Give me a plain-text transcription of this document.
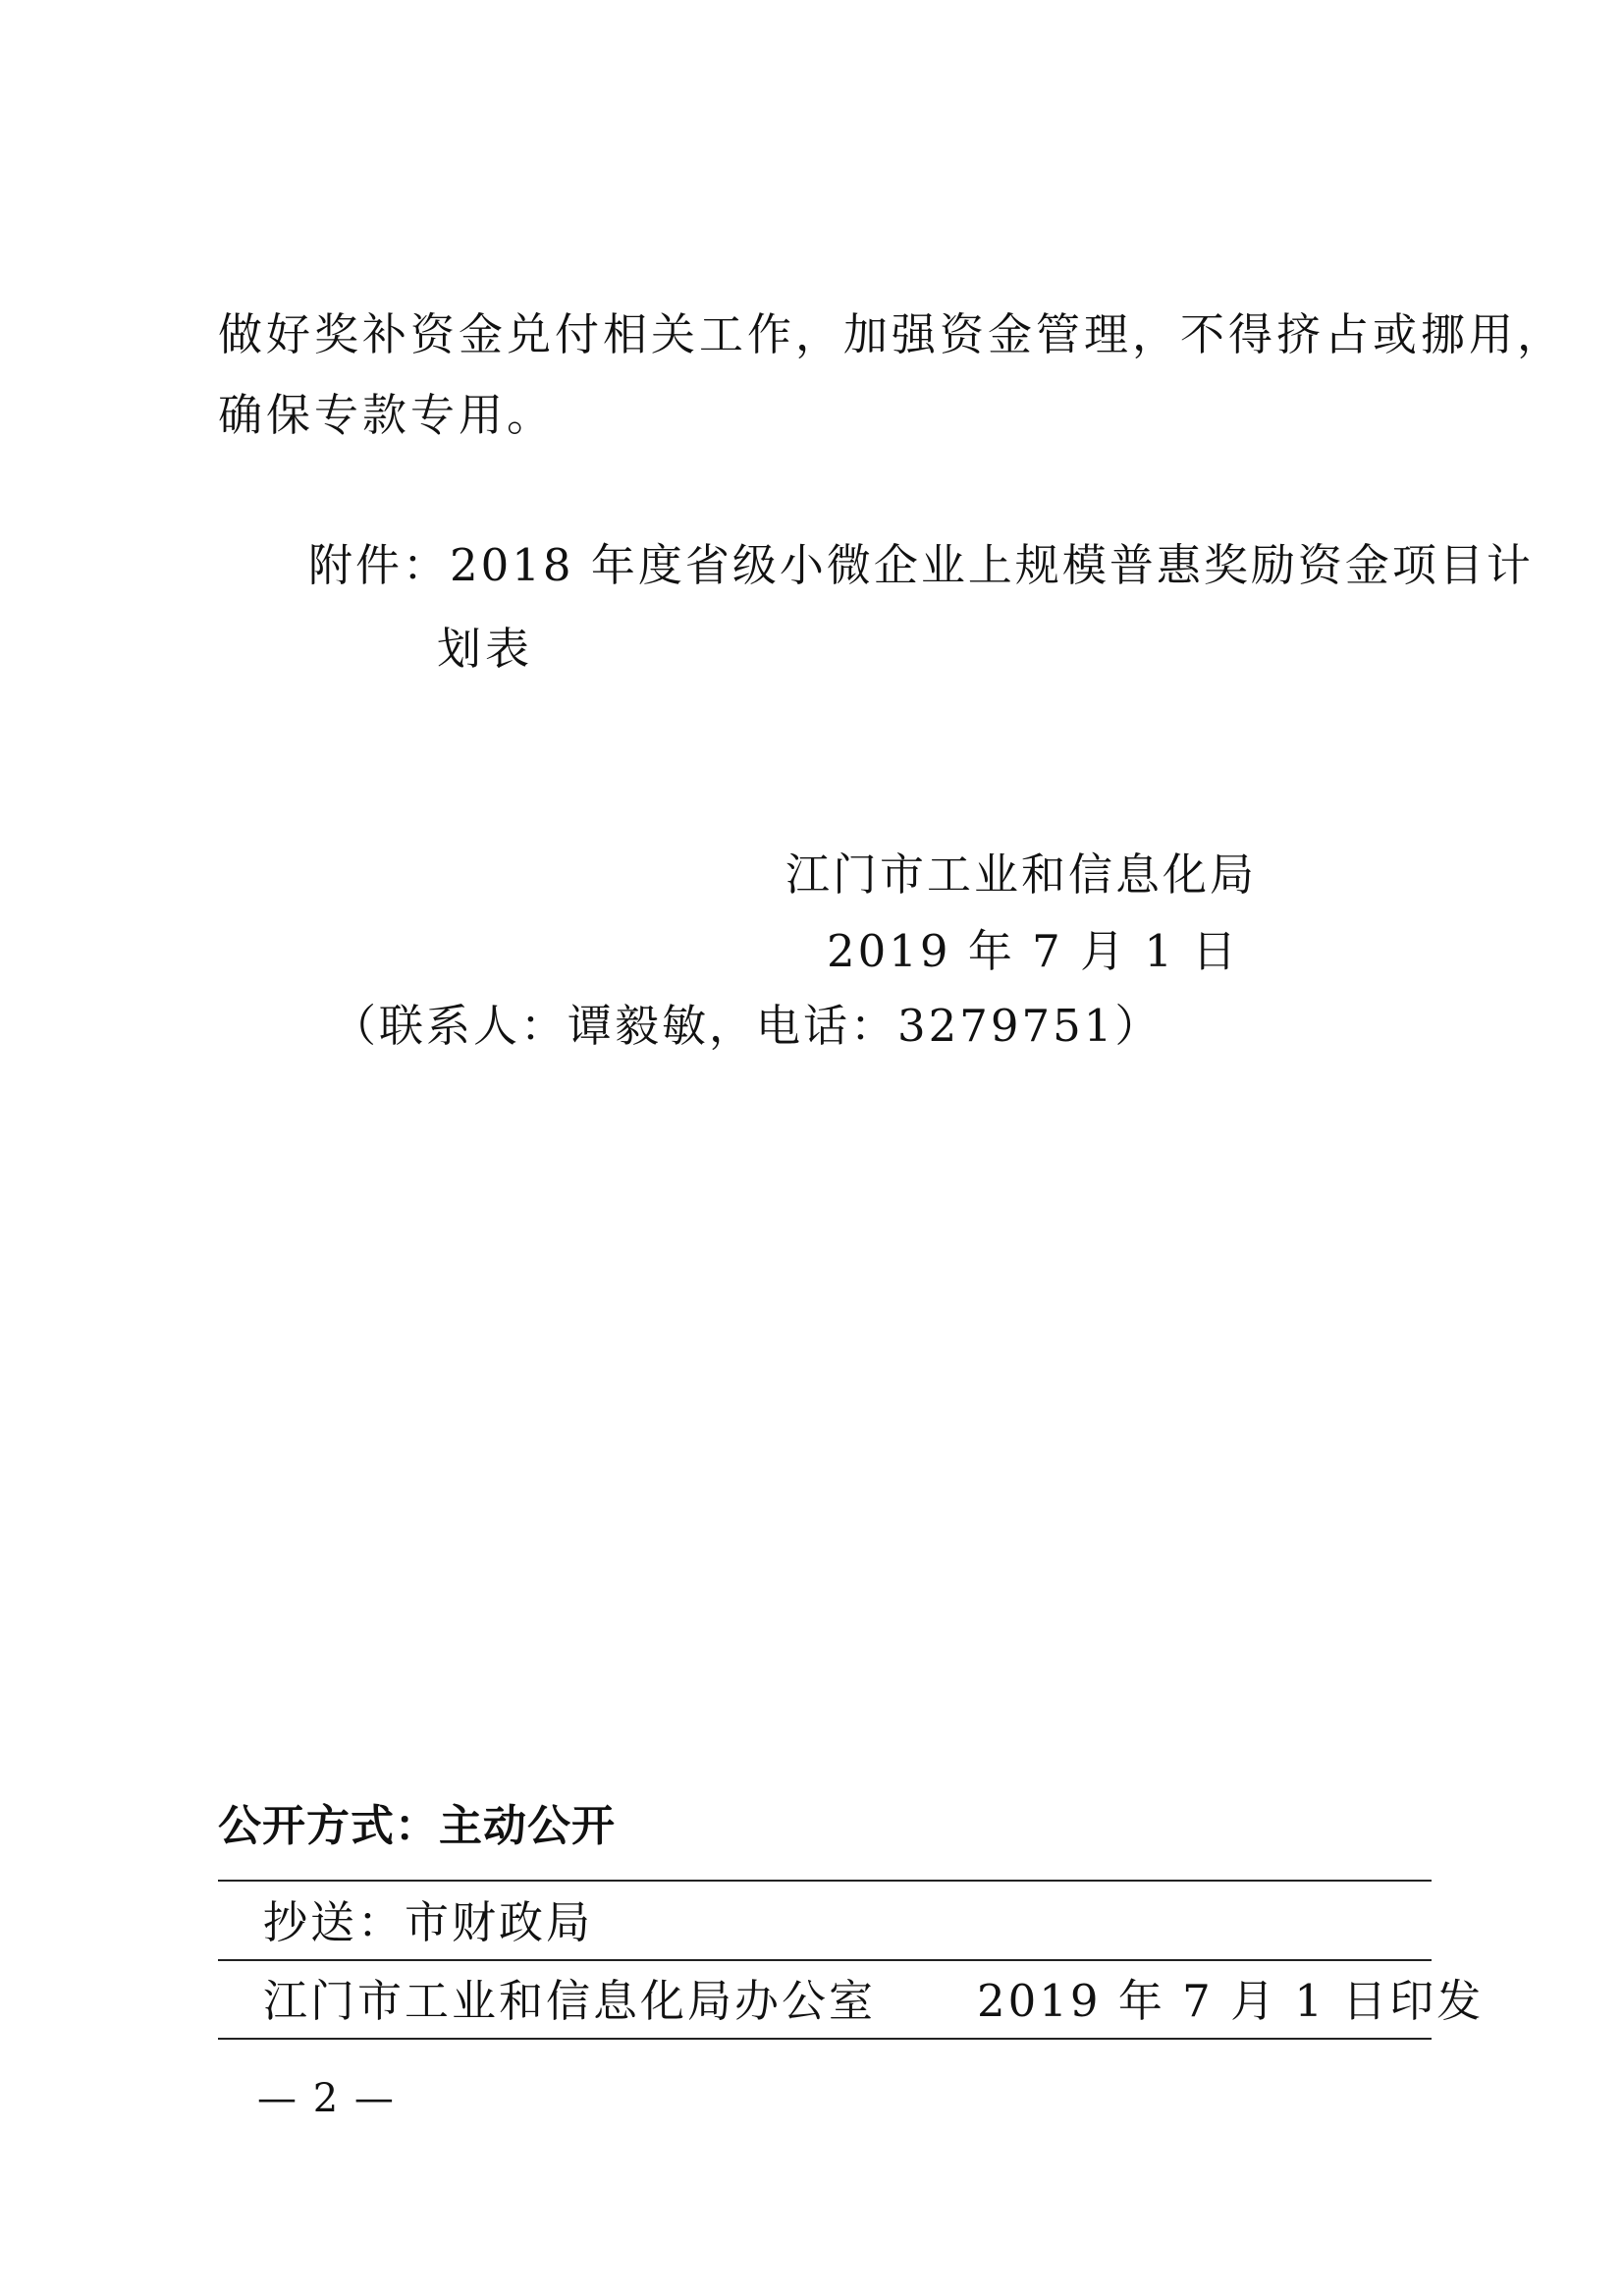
做好奖补资金兑付相关工作，加强资金管理，不得挤占或挪用，
确保专款专用。
附件：2018 年度省级小微企业上规模普惠奖励资金项目计
划表
江门市工业和信息化局
2019 年 7 月 1 日
（联系人：谭毅敏，电话：3279751）
公开方式：主动公开
抄送：市财政局
江门市工业和信息化局办公室 2019 年 7 月 1 日印发
— 2 —
